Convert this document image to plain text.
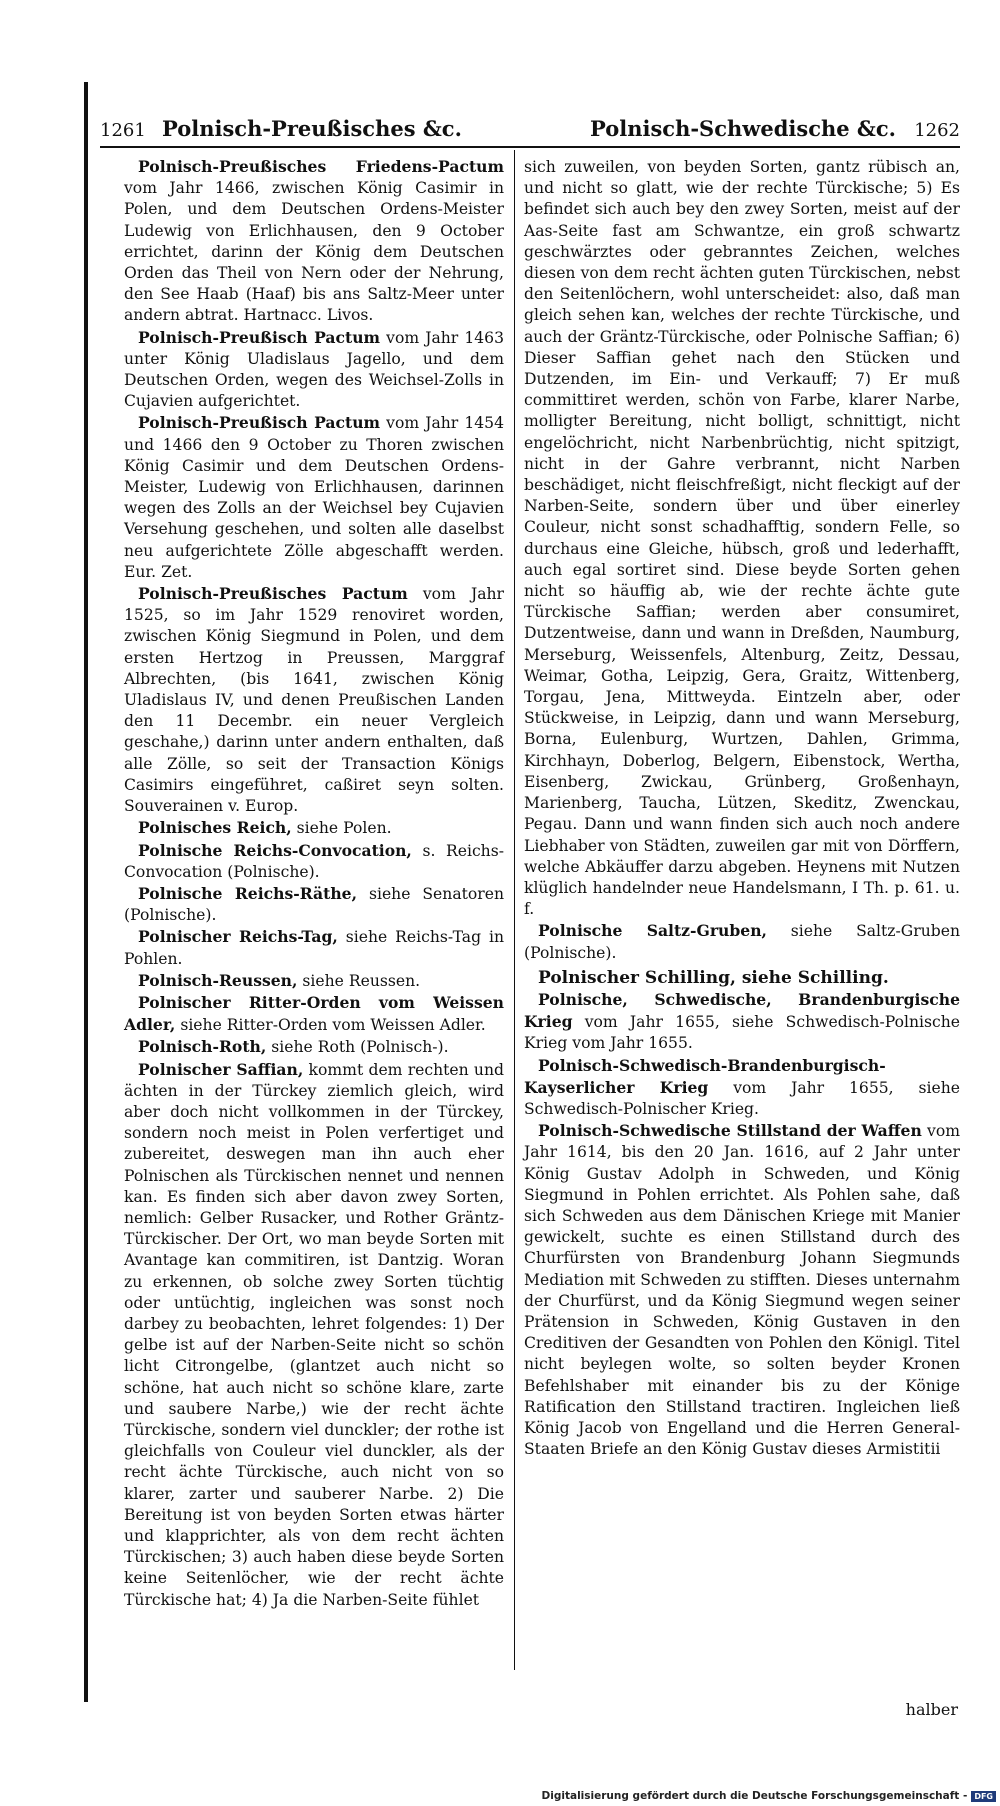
1261 Polnisch-Preußisches &c.	Polnisch-Schwedische &c. 1262

Polnisch-Preußisches Friedens-Pactum vom Jahr 1466, zwischen König Casimir in Polen, und dem Deutschen Ordens-Meister Ludewig von Erlichhausen, den 9 October errichtet, darinn der König dem Deutschen Orden das Theil von Nern oder der Nehrung, den See Haab (Haaf) bis ans Saltz-Meer unter andern abtrat. Hartnacc. Livos.

Polnisch-Preußisch Pactum vom Jahr 1463 unter König Uladislaus Jagello, und dem Deutschen Orden, wegen des Weichsel-Zolls in Cujavien aufgerichtet.

Polnisch-Preußisch Pactum vom Jahr 1454 und 1466 den 9 October zu Thoren zwischen König Casimir und dem Deutschen Ordens-Meister, Ludewig von Erlichhausen, darinnen wegen des Zolls an der Weichsel bey Cujavien Versehung geschehen, und solten alle daselbst neu aufgerichtete Zölle abgeschafft werden. Eur. Zet.

Polnisch-Preußisches Pactum vom Jahr 1525, so im Jahr 1529 renoviret worden, zwischen König Siegmund in Polen, und dem ersten Hertzog in Preussen, Marggraf Albrechten, (bis 1641, zwischen König Uladislaus IV, und denen Preußischen Landen den 11 Decembr. ein neuer Vergleich geschahe,) darinn unter andern enthalten, daß alle Zölle, so seit der Transaction Königs Casimirs eingeführet, caßiret seyn solten. Souverainen v. Europ.

Polnisches Reich, siehe Polen.

Polnische Reichs-Convocation, s. Reichs-Convocation (Polnische).

Polnische Reichs-Räthe, siehe Senatoren (Polnische).

Polnischer Reichs-Tag, siehe Reichs-Tag in Pohlen.

Polnisch-Reussen, siehe Reussen.

Polnischer Ritter-Orden vom Weissen Adler, siehe Ritter-Orden vom Weissen Adler.

Polnisch-Roth, siehe Roth (Polnisch-).

Polnischer Saffian, kommt dem rechten und ächten in der Türckey ziemlich gleich, wird aber doch nicht vollkommen in der Türckey, sondern noch meist in Polen verfertiget und zubereitet, deswegen man ihn auch eher Polnischen als Türckischen nennet und nennen kan. Es finden sich aber davon zwey Sorten, nemlich: Gelber Rusacker, und Rother Gräntz-Türckischer. Der Ort, wo man beyde Sorten mit Avantage kan commitiren, ist Dantzig. Woran zu erkennen, ob solche zwey Sorten tüchtig oder untüchtig, ingleichen was sonst noch darbey zu beobachten, lehret folgendes: 1) Der gelbe ist auf der Narben-Seite nicht so schön licht Citrongelbe, (glantzet auch nicht so schöne, hat auch nicht so schöne klare, zarte und saubere Narbe,) wie der recht ächte Türckische, sondern viel dunckler; der rothe ist gleichfalls von Couleur viel dunckler, als der recht ächte Türckische, auch nicht von so klarer, zarter und sauberer Narbe. 2) Die Bereitung ist von beyden Sorten etwas härter und klapprichter, als von dem recht ächten Türckischen; 3) auch haben diese beyde Sorten keine Seitenlöcher, wie der recht ächte Türckische hat; 4) Ja die Narben-Seite fühlet

sich zuweilen, von beyden Sorten, gantz rübisch an, und nicht so glatt, wie der rechte Türckische; 5) Es befindet sich auch bey den zwey Sorten, meist auf der Aas-Seite fast am Schwantze, ein groß schwartz geschwärztes oder gebranntes Zeichen, welches diesen von dem recht ächten guten Türckischen, nebst den Seitenlöchern, wohl unterscheidet: also, daß man gleich sehen kan, welches der rechte Türckische, und auch der Gräntz-Türckische, oder Polnische Saffian; 6) Dieser Saffian gehet nach den Stücken und Dutzenden, im Ein- und Verkauff; 7) Er muß committiret werden, schön von Farbe, klarer Narbe, molligter Bereitung, nicht bolligt, schnittigt, nicht engelöchricht, nicht Narbenbrüchtig, nicht spitzigt, nicht in der Gahre verbrannt, nicht Narben beschädiget, nicht fleischfreßigt, nicht fleckigt auf der Narben-Seite, sondern über und über einerley Couleur, nicht sonst schadhafftig, sondern Felle, so durchaus eine Gleiche, hübsch, groß und lederhafft, auch egal sortiret sind. Diese beyde Sorten gehen nicht so häuffig ab, wie der rechte ächte gute Türckische Saffian; werden aber consumiret, Dutzentweise, dann und wann in Dreßden, Naumburg, Merseburg, Weissenfels, Altenburg, Zeitz, Dessau, Weimar, Gotha, Leipzig, Gera, Graitz, Wittenberg, Torgau, Jena, Mittweyda. Eintzeln aber, oder Stückweise, in Leipzig, dann und wann Merseburg, Borna, Eulenburg, Wurtzen, Dahlen, Grimma, Kirchhayn, Doberlog, Belgern, Eibenstock, Wertha, Eisenberg, Zwickau, Grünberg, Großenhayn, Marienberg, Taucha, Lützen, Skeditz, Zwenckau, Pegau. Dann und wann finden sich auch noch andere Liebhaber von Städten, zuweilen gar mit von Dörffern, welche Abkäuffer darzu abgeben. Heynens mit Nutzen klüglich handelnder neue Handelsmann, I Th. p. 61. u. f.

Polnische Saltz-Gruben, siehe Saltz-Gruben (Polnische).

Polnischer Schilling, siehe Schilling.

Polnische, Schwedische, Brandenburgische Krieg vom Jahr 1655, siehe Schwedisch-Polnische Krieg vom Jahr 1655.

Polnisch-Schwedisch-Brandenburgisch-Kayserlicher Krieg vom Jahr 1655, siehe Schwedisch-Polnischer Krieg.

Polnisch-Schwedische Stillstand der Waffen vom Jahr 1614, bis den 20 Jan. 1616, auf 2 Jahr unter König Gustav Adolph in Schweden, und König Siegmund in Pohlen errichtet. Als Pohlen sahe, daß sich Schweden aus dem Dänischen Kriege mit Manier gewickelt, suchte es einen Stillstand durch des Churfürsten von Brandenburg Johann Siegmunds Mediation mit Schweden zu stifften. Dieses unternahm der Churfürst, und da König Siegmund wegen seiner Prätension in Schweden, König Gustaven in den Creditiven der Gesandten von Pohlen den Königl. Titel nicht beylegen wolte, so solten beyder Kronen Befehlshaber mit einander bis zu der Könige Ratification den Stillstand tractiren. Ingleichen ließ König Jacob von Engelland und die Herren General-Staaten Briefe an den König Gustav dieses Armistitii

halber
Digitalisierung gefördert durch die Deutsche Forschungsgemeinschaft - DFG
